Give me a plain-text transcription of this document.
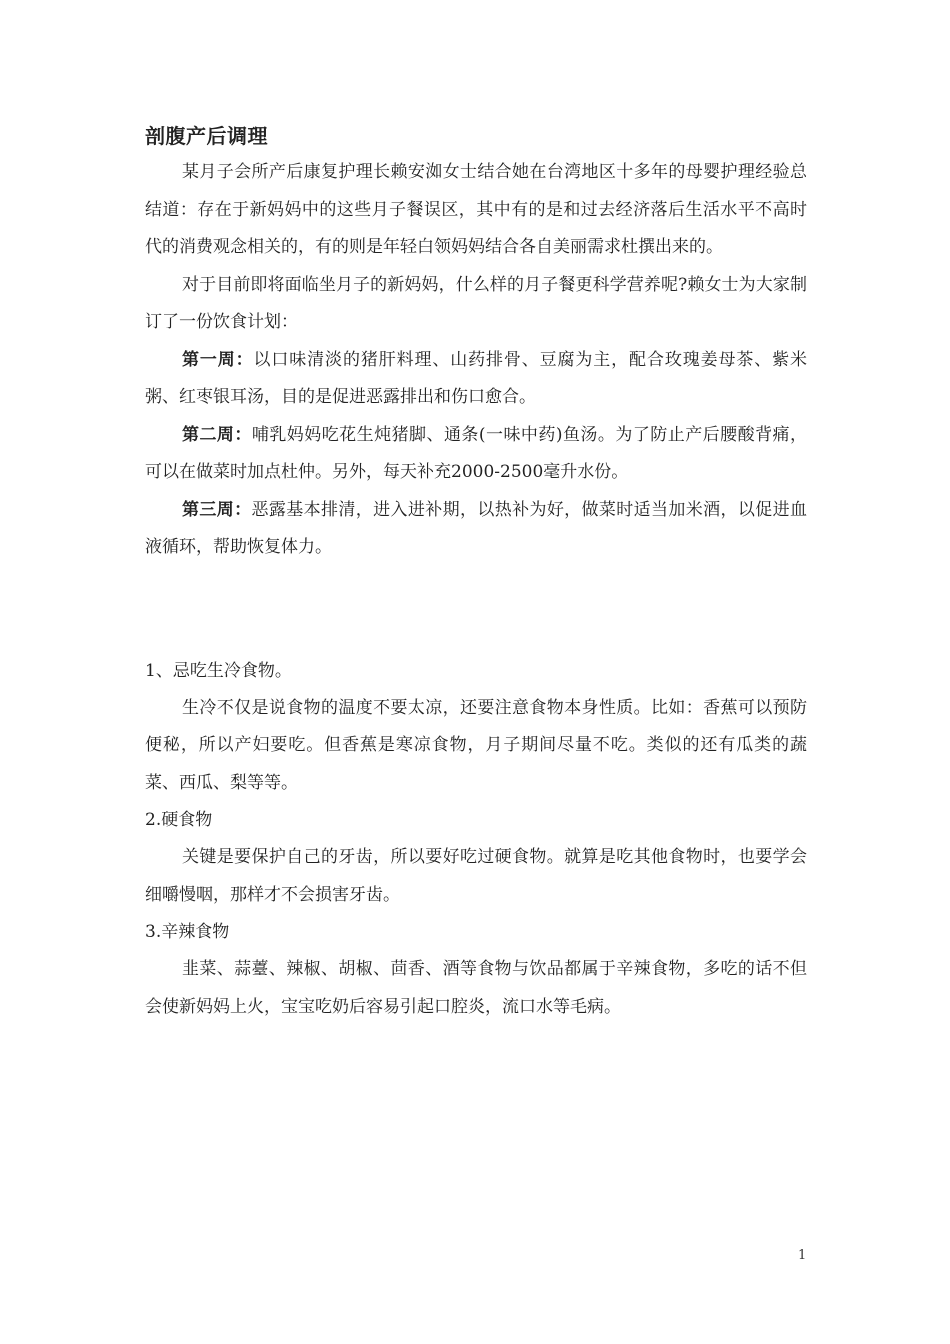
剖腹产后调理

某月子会所产后康复护理长赖安洳女士结合她在台湾地区十多年的母婴护理经验总结道：存在于新妈妈中的这些月子餐误区，其中有的是和过去经济落后生活水平不高时代的消费观念相关的，有的则是年轻白领妈妈结合各自美丽需求杜撰出来的。

对于目前即将面临坐月子的新妈妈，什么样的月子餐更科学营养呢?赖女士为大家制订了一份饮食计划：

第一周：以口味清淡的猪肝料理、山药排骨、豆腐为主，配合玫瑰姜母茶、紫米粥、红枣银耳汤，目的是促进恶露排出和伤口愈合。

第二周：哺乳妈妈吃花生炖猪脚、通条(一味中药)鱼汤。为了防止产后腰酸背痛，可以在做菜时加点杜仲。另外，每天补充2000-2500毫升水份。

第三周：恶露基本排清，进入进补期，以热补为好，做菜时适当加米酒，以促进血液循环，帮助恢复体力。

1、忌吃生冷食物。

生冷不仅是说食物的温度不要太凉，还要注意食物本身性质。比如：香蕉可以预防便秘，所以产妇要吃。但香蕉是寒凉食物，月子期间尽量不吃。类似的还有瓜类的蔬菜、西瓜、梨等等。

2.硬食物

关键是要保护自己的牙齿，所以要好吃过硬食物。就算是吃其他食物时，也要学会细嚼慢咽，那样才不会损害牙齿。

3.辛辣食物

韭菜、蒜薹、辣椒、胡椒、茴香、酒等食物与饮品都属于辛辣食物，多吃的话不但会使新妈妈上火，宝宝吃奶后容易引起口腔炎，流口水等毛病。

1
